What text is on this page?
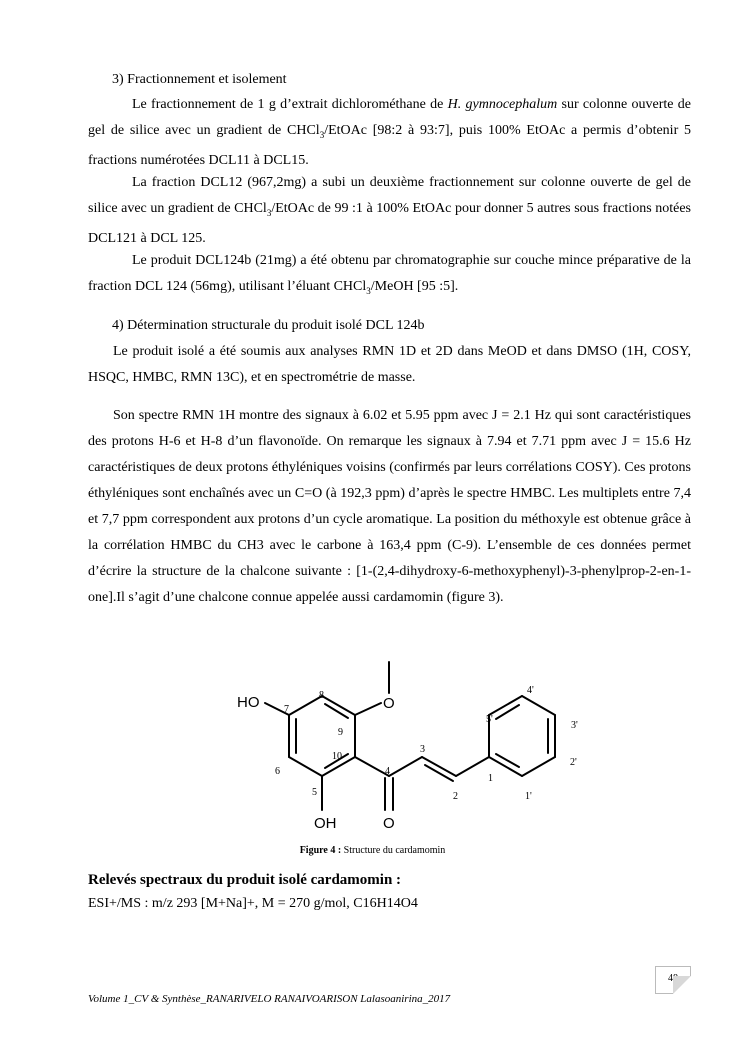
3) Fractionnement et isolement
Le fractionnement de 1 g d’extrait dichlorométhane de H. gymnocephalum sur colonne ouverte de gel de silice avec un gradient de CHCl$_3$/EtOAc [98:2 à 93:7], puis 100% EtOAc a permis d’obtenir 5 fractions numérotées DCL11 à DCL15.
La fraction DCL12 (967,2mg) a subi un deuxième fractionnement sur colonne ouverte de gel de silice avec un gradient de CHCl$_3$/EtOAc de 99 :1 à 100% EtOAc pour donner 5 autres sous fractions notées DCL121 à DCL 125.
Le produit DCL124b (21mg) a été obtenu par chromatographie sur couche mince préparative de la fraction DCL 124 (56mg), utilisant l’éluant CHCl$_3$/MeOH [95 :5].
4) Détermination structurale du produit isolé DCL 124b
Le produit isolé a été soumis aux analyses RMN 1D et 2D dans MeOD et dans DMSO (1H, COSY, HSQC, HMBC, RMN 13C), et en spectrométrie de masse.
Son spectre RMN 1H montre des signaux à 6.02 et 5.95 ppm avec J = 2.1 Hz qui sont caractéristiques des protons H-6 et H-8 d’un flavonoïde. On remarque les signaux à 7.94 et 7.71 ppm avec J = 15.6 Hz caractéristiques de deux protons éthyléniques voisins (confirmés par leurs corrélations COSY). Ces protons éthyléniques sont enchaînés avec un C=O (à 192,3 ppm) d’après le spectre HMBC. Les multiplets entre 7,4 et 7,7 ppm correspondent aux protons d’un cycle aromatique. La position du méthoxyle est obtenue grâce à la corrélation HMBC du CH3 avec le carbone à 163,4 ppm (C-9). L’ensemble de ces données permet d’écrire la structure de la chalcone suivante : [1-(2,4-dihydroxy-6-methoxyphenyl)-3-phenylprop-2-en-1-one].Il s’agit d’une chalcone connue appelée aussi cardamomin (figure 3).
HO	O
OH	O
7
8
9
10
6
5
4
3
2
1
1'
2'
3'
4'
5'
Figure 4 : Structure du cardamomin
Relevés spectraux du produit isolé cardamomin :
ESI+/MS : m/z 293 [M+Na]+, M = 270 g/mol, C16H14O4
48
Volume 1_CV & Synthèse_RANARIVELO RANAIVOARISON Lalasoanirina_2017
